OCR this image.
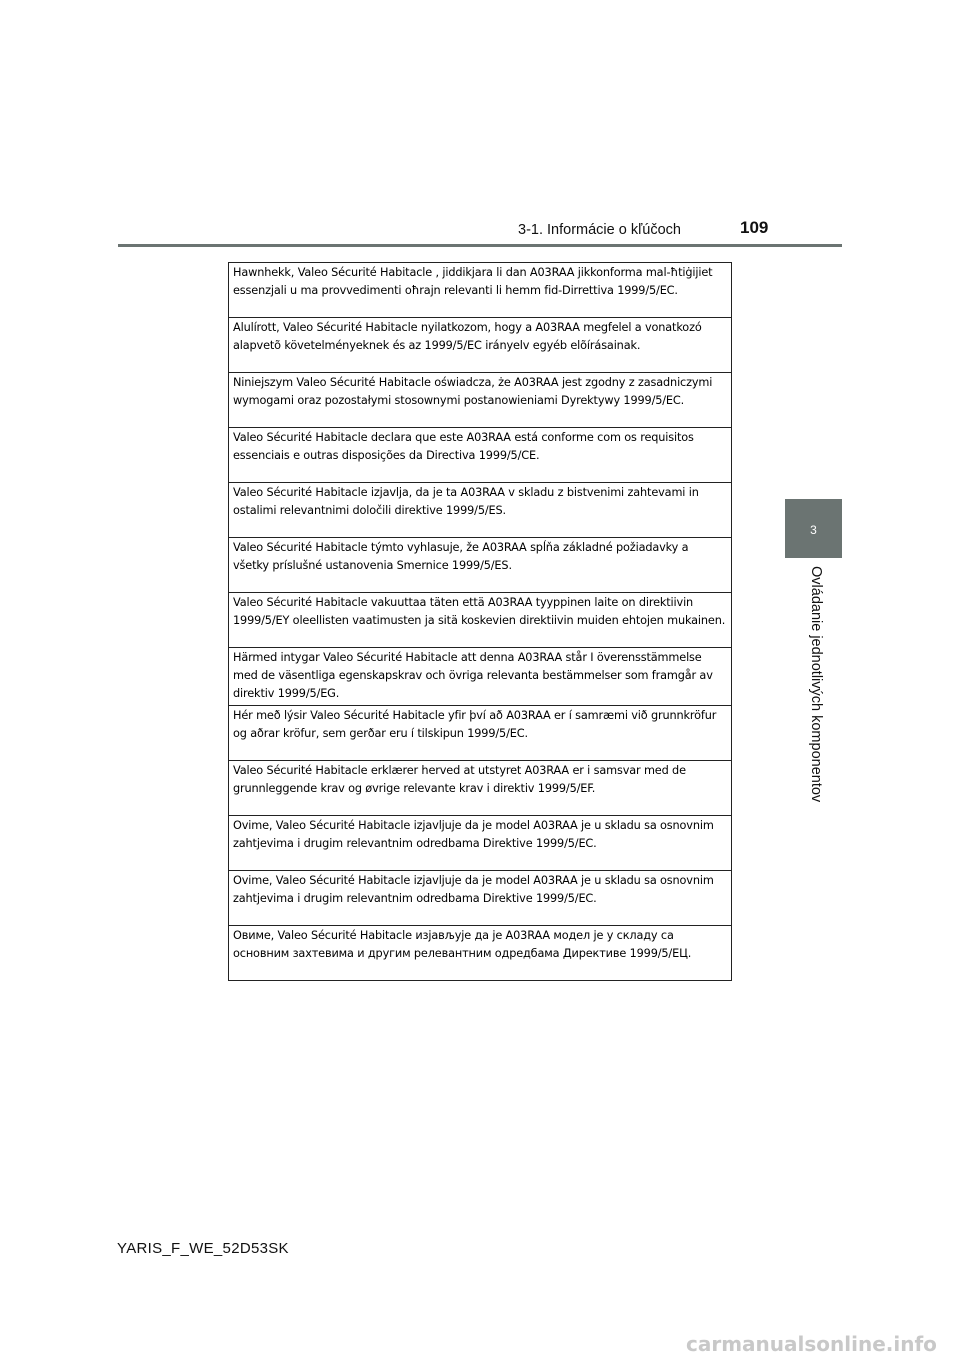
3-1. Informácie o kľúčoch	109
3
Ovládanie jednotlivých komponentov
Hawnhekk, Valeo Sécurité Habitacle , jiddikjara li dan A03RAA jikkonforma mal-ħtiġijiet essenzjali u ma provvedimenti oħrajn relevanti li hemm fid-Dirrettiva 1999/5/EC.
Alulírott, Valeo Sécurité Habitacle nyilatkozom, hogy a A03RAA megfelel a vonatkozó alapvetõ követelményeknek és az 1999/5/EC irányelv egyéb elõírásainak.
Niniejszym Valeo Sécurité Habitacle oświadcza, że A03RAA jest zgodny z zasadniczymi wymogami oraz pozostałymi stosownymi postanowieniami Dyrektywy 1999/5/EC.
Valeo Sécurité Habitacle declara que este A03RAA está conforme com os requisitos essenciais e outras disposições da Directiva 1999/5/CE.
Valeo Sécurité Habitacle izjavlja, da je ta A03RAA v skladu z bistvenimi zahtevami in ostalimi relevantnimi določili direktive 1999/5/ES.
Valeo Sécurité Habitacle týmto vyhlasuje, že A03RAA spĺňa základné požiadavky a všetky príslušné ustanovenia Smernice 1999/5/ES.
Valeo Sécurité Habitacle vakuuttaa täten että A03RAA tyyppinen laite on direktiivin 1999/5/EY oleellisten vaatimusten ja sitä koskevien direktiivin muiden ehtojen mukainen.
Härmed intygar Valeo Sécurité Habitacle att denna A03RAA står I överensstämmelse med de väsentliga egenskapskrav och övriga relevanta bestämmelser som framgår av direktiv 1999/5/EG.
Hér með lýsir Valeo Sécurité Habitacle yfir því að A03RAA er í samræmi við grunnkröfur og aðrar kröfur, sem gerðar eru í tilskipun 1999/5/EC.
Valeo Sécurité Habitacle erklærer herved at utstyret A03RAA er i samsvar med de grunnleggende krav og øvrige relevante krav i direktiv 1999/5/EF.
Ovime, Valeo Sécurité Habitacle izjavljuje da je model A03RAA je u skladu sa osnovnim zahtjevima i drugim relevantnim odredbama Direktive 1999/5/EC.
Ovime, Valeo Sécurité Habitacle izjavljuje da je model A03RAA je u skladu sa osnovnim zahtjevima i drugim relevantnim odredbama Direktive 1999/5/EC.
Овиме, Valeo Sécurité Habitacle изјављује да је A03RAA модел је у складу са основним захтевима и другим релевантним одредбама Директиве 1999/5/ЕЦ.
YARIS_F_WE_52D53SK
carmanualsonline.info
